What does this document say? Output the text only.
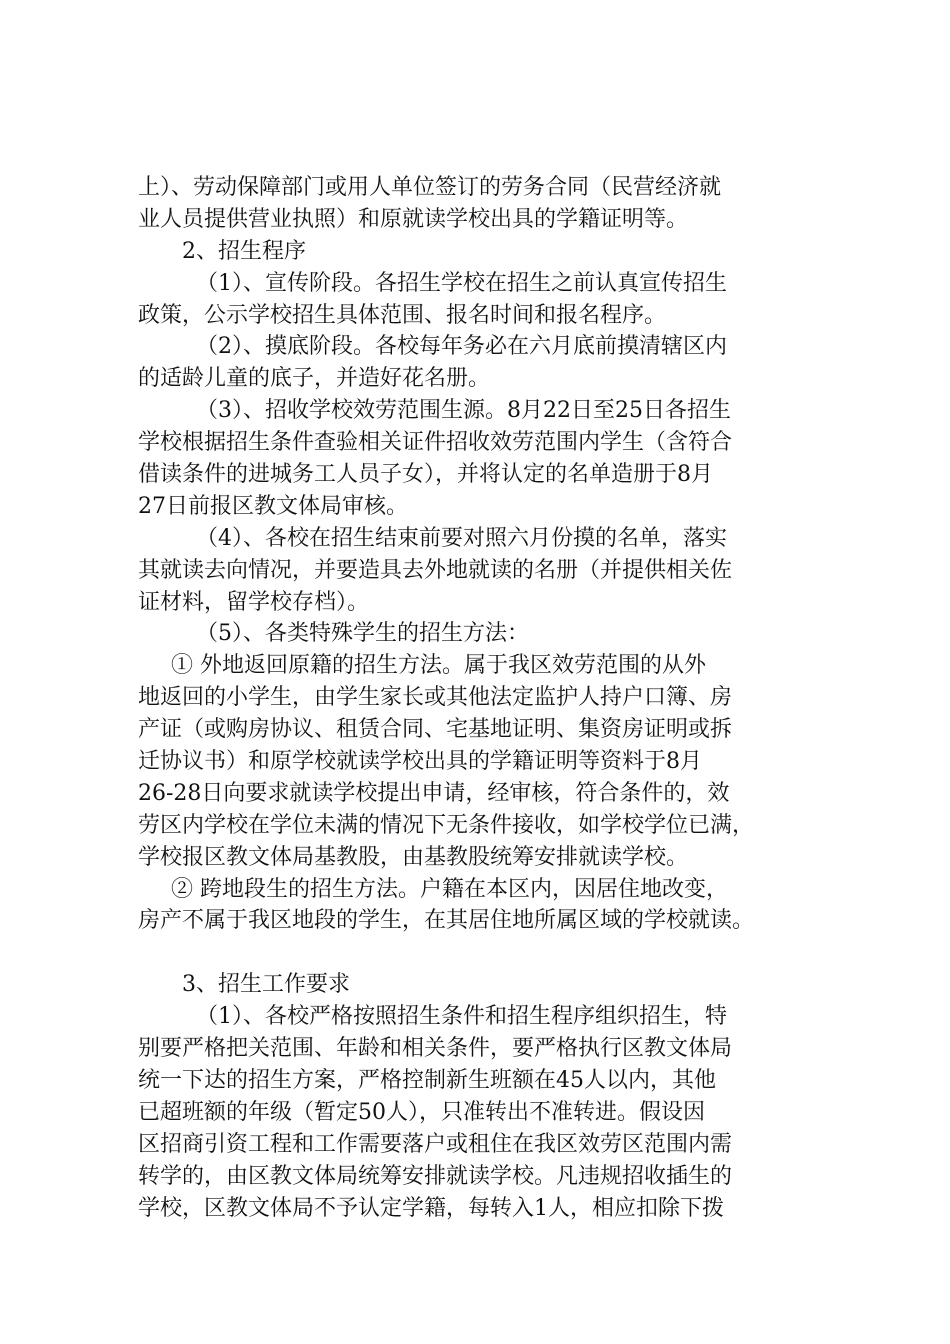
上）、劳动保障部门或用人单位签订的劳务合同（民营经济就
业人员提供营业执照）和原就读学校出具的学籍证明等。
2、招生程序
（1）、宣传阶段。各招生学校在招生之前认真宣传招生
政策，公示学校招生具体范围、报名时间和报名程序。
（2）、摸底阶段。各校每年务必在六月底前摸清辖区内
的适龄儿童的底子，并造好花名册。
（3）、招收学校效劳范围生源。8月22日至25日各招生
学校根据招生条件查验相关证件招收效劳范围内学生（含符合
借读条件的进城务工人员子女），并将认定的名单造册于8月
27日前报区教文体局审核。
（4）、各校在招生结束前要对照六月份摸的名单，落实
其就读去向情况，并要造具去外地就读的名册（并提供相关佐
证材料，留学校存档）。
（5）、各类特殊学生的招生方法：
① 外地返回原籍的招生方法。属于我区效劳范围的从外
地返回的小学生，由学生家长或其他法定监护人持户口簿、房
产证（或购房协议、租赁合同、宅基地证明、集资房证明或拆
迁协议书）和原学校就读学校出具的学籍证明等资料于8月
26-28日向要求就读学校提出申请，经审核，符合条件的，效
劳区内学校在学位未满的情况下无条件接收，如学校学位已满，
学校报区教文体局基教股，由基教股统筹安排就读学校。
② 跨地段生的招生方法。户籍在本区内，因居住地改变，
房产不属于我区地段的学生，在其居住地所属区域的学校就读。
3、招生工作要求
（1）、各校严格按照招生条件和招生程序组织招生，特
别要严格把关范围、年龄和相关条件，要严格执行区教文体局
统一下达的招生方案，严格控制新生班额在45人以内，其他
已超班额的年级（暂定50人），只准转出不准转进。假设因
区招商引资工程和工作需要落户或租住在我区效劳区范围内需
转学的，由区教文体局统筹安排就读学校。凡违规招收插生的
学校，区教文体局不予认定学籍，每转入1人，相应扣除下拨
